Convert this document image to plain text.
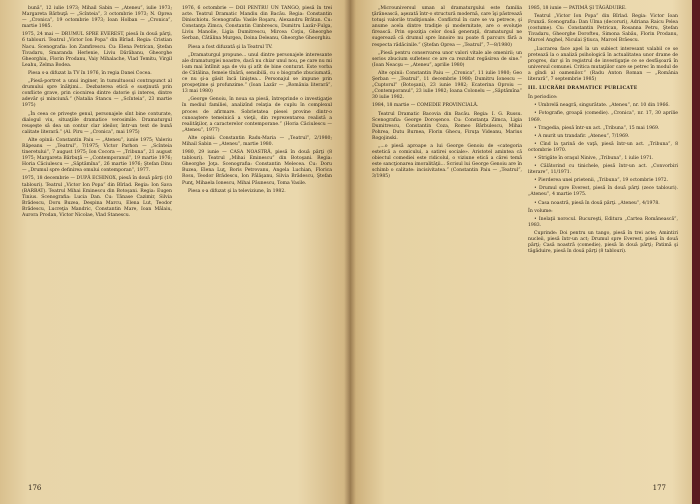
bună”, 12 iulie 1973; Mihail Sabin — „Ateneu”, iulie 1973; Margareta Bărbuţă — „Scînteia”, 3 octombrie 1973; N. Oprea — „Cronica”, 19 octombrie 1973; Ioan Holban — „Cronica”, martie 1985.

1975, 24 mai — DRUMUL SPRE EVEREST, piesă în două părţi, 6 tablouri. Teatrul „Victor Ion Popa” din Bîrlad. Regia: Cristian Nacu. Scenografia: Ion Zamfirescu. Cu: Elena Petrican, Ştefan Tivadaru, Smaranda Herlenie, Liviu Dărăbanu, Gheorghe Gheorghiu, Florin Prodanu, Vaiy Mihalache, Vlad Temitu, Virgil Leahu, Zelma Bodea.

Piesa s-a difuzat la TV în 1976, în regia Danei Cocea.

„Piesă-portret a unui inginer, în tumultuosul contrapunct al drumului spre înălţimi... Dezbaterea etică e susţinută prin conflicte grave, prin ciocnirea dintre datorie şi interes, dintre adevăr şi minciună.” (Natalia Stancu — „Scînteia”, 23 martie 1975)

„În ceea ce priveşte genul, personajele sînt bine conturate, dialogul viu, situaţiile dramatice verosimile. Dramaturgul reuşeşte să dea un contur clar ideilor, într-un text de bună calitate literară.” (Al. Piru — „Cronica”, mai 1975)

Alte opinii: Constantin Paiu — „Ateneu”, iunie 1975; Valeriu Râpeanu — „Teatrul”, 7/1975; Victor Parhon — „Scînteia tineretului”, 7 august 1975; Ion Cocora — „Tribuna”, 21 august 1975; Margareta Bărbuţă — „Contemporanul”, 19 martie 1976; Horia Căciulescu — „Săptămîna”, 26 martie 1976; Ştefan Dinu — „Drumul spre definirea omului contemporan”, 1977.

1975, 18 decembrie — DUPĂ ECHINOX, piesă în două părţi (10 tablouri). Teatrul „Victor Ion Popa” din Bîrlad. Regia: Ion Sava (BARBAT). Teatrul Mihai Eminescu din Botoşani. Regia: Eugen Tinius. Scenografia: Lucia Dan. Cu: Tănase Cazimir, Silvia Brădescu, Doru Buzea, Despina Marcu, Elena Lut, Teodor Brădescu, Lucreţia Mandric, Constantin Mare, Ioan Mălaiu, Aurora Prodan, Victor Nicolae, Vlad Stanescu.

1976, 6 octombrie — DOI PENTRU UN TANGO, piesă în trei acte. Teatrul Dramatic Mandiu din Bacău. Regia: Constantin Dinischiotu. Scenografia: Vasile Roşaru, Alexandru Brătan. Cu: Constanţa Zimca, Constantin Cimbrescu, Dumitru Lazăr-Fulga, Liviu Manolie, Ligia Dumitrescu, Mircea Coţiu, Gheorghe Serban, Cătălina Murgea, Doina Deleanu, Gheorghe Gheorghiu.

Piesa a fost difuzată şi la Teatrul TV.

„Dramaturgul propune... unul dintre personajele interesante ale dramaturgiei noastre, dacă nu chiar unul nou, pe care nu mi l-am mai întîlnit aşa de viu şi atît de bine conturat. Este vorba de Cătălina, femeie tînără, sensibilă, cu o biografie zbuciumată, ce nu şi-a găsit încă liniştea... Personajul se impune prin prospeţime şi profunzime.” (Ioan Lazăr — „România literară”, 13 mai 1980)

„George Genoiu, în noua sa piesă, întreprinde o investigaţie în mediul familiei, analizînd relaţia de cuplu în complexul proces de afirmare. Sobrietatea piesei provine dintr-o cunoaştere temeinică a vieţii, din reprezentarea realistă a realităţilor, a caracterelor contemporane.” (Horia Căciulescu — „Ateneu”, 1977)

Alte opinii: Constantin Radu-Maria — „Teatrul”, 2/1980; Mihail Sabin — „Ateneu”, martie 1980.

1980, 29 iunie — CASA NOASTRĂ, piesă în două părţi (8 tablouri). Teatrul „Mihai Eminescu” din Botoşani. Regia: Gheorghe Joţa. Scenografia: Constantin Melecea. Cu: Doru Buzea, Elena Luţ, Boris Petrovanu, Angela Luchian, Florica Rosu, Teodor Brădescu, Ion Pălăşanu, Silvia Brădescu, Ştefan Punţ, Mihaela Ionescu, Mihai Păunescu, Toma Vasile.

Piesa s-a difuzat şi la televiziune, în 1982.

176

„Microuniversul uman al dramaturgului este familia ţărănească, aşezată într-o structură modernă, care îşi păstrează totuşi valorile tradiţionale. Conflictul în care se va petrece, şi anume acela dintre tradiţie şi modernitate, are o evoluţie firească. Prin opoziţia celor două generaţii, dramaturgul ne sugerează că drumul spre înnoire nu poate fi parcurs fără a respecta rădăcinile.” (Ştefan Oprea — „Teatrul”, 7—8/1980)

„Piesă pentru conservarea unor valori vitale ale omenirii; un serios zbucium sufletesc ce are ca rezultat regăsirea de sine.” (Ioan Neacşu — „Ateneu”, aprilie 1980)

Alte opinii: Constantin Paiu — „Cronica”, 11 iulie 1980; Geo Şerban — „Teatrul”, 11 decembrie 1980; Dumitru Ionescu — „Cuptorul” (Botoşani), 23 iunie 1982; Ecaterina Oproiu — „Contemporanul”, 23 iulie 1982; Ioana Colonelu — „Săptămîna” 30 iulie 1982.

1984, 18 martie — COMEDIE PROVINCIALĂ.

Teatrul Dramatic Bacovia din Bacău. Regia: I. G. Russu. Scenografia: George Doroşenco. Cu: Constanţa Zimca, Ligia Dumitrescu, Constantin Coza, Romeo Bărbulescu, Mihai Pohrea, Dutu Burnea, Florin Ghecu, Firuţa Videanu, Marius Rogojinski.

„...o piesă aproape a lui George Genoiu de «categoria estetică a comicului, a satirei sociale». Aristotel amintea că obiectul comediei este ridicolul, o viziune etică a cărei temă este sancţionarea imoralităţii... Scrisul lui George Genoiu are în schimb o calitate: incisivitatea.” (Constantin Paiu — „Teatrul”, 3/1985)

1985, 18 iunie — PATIMĂ ŞI TĂGĂDUIRE.

Teatrul „Victor Ion Popa” din Bîrlad. Regia: Victor Ioan Frunză. Scenografia: Dan Ulma (decoruri), Adriana Raicu Pelea (costume). Cu: Constantin Petrican, Rosanna Petru, Ştefan Tivadaru, Gheorghe Dorofteu, Simona Sabău, Florin Prodanu, Marcel Anghel, Niculai Ştiuca, Marcel Brăescu.

„Lucrarea face apel la un subiect interesant valabil ce se pretează la o analiză psihologică în actualitatea unor drame de progres, dar şi în registrul de investigaţie ce se desfăşoară în universul comunei. Critica mutaţiilor care se petrec în modul de a gîndi al oamenilor.” (Radu Anton Roman — „România literară”, 7 septembrie 1985)

III. LUCRĂRI DRAMATICE PUBLICATE

În periodice:

• Umbrelă neagră, singurătate. „Ateneu”, nr. 10 din 1966.

• Fotografie, groapă (comedie). „Cronica”, nr. 17, 30 aprilie 1969.

• Tragedia, piesă într-un act. „Tribuna”, 15 mai 1969.

• A murit un trandafir. „Ateneu”, 7/1969.

• Cînd la ţarină de vaţă, piesă într-un act. „Tribuna”, 8 octombrie 1970.

• Strigăte în oraşul Ninive, „Tribuna”, 1 iulie 1971.

• Călătorind cu tinichele, piesă într-un act. „Convorbiri literare”, 11/1971.

• Pierderea unei prietenii, „Tribuna”, 19 octombrie 1972.

• Drumul spre Everest, piesă în două părţi (zece tablouri). „Ateneu”, 4 martie 1975.

• Casa noastră, piesă în două părţi. „Ateneu”, 4/1978.

În volume:

• Inelaţii norocul. Bucureşti, Editura „Cartea Românească”, 1983.

Cuprinde: Doi pentru un tango, piesă în trei acte; Amintiri nucleii, piesă într-un act; Drumul spre Everest, piesă în două părţi; Casă noastră (comedie), piesă în două părţi; Patimă şi tăgăduire, piesă în două părţi (8 tablouri).

177
